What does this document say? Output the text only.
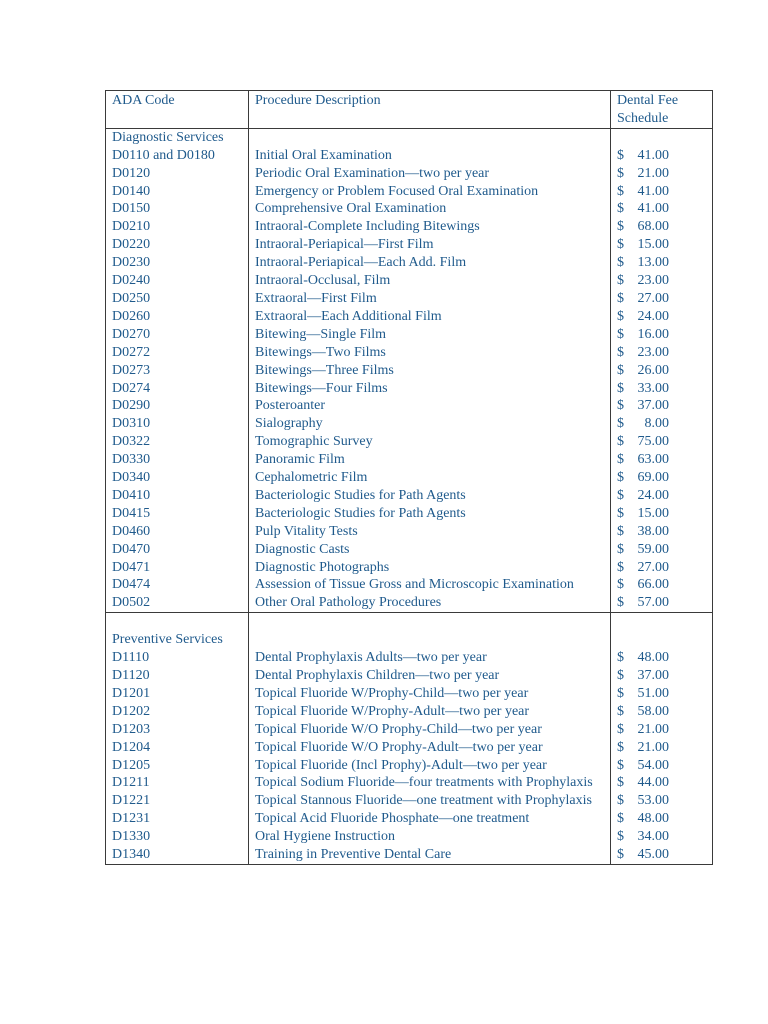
ADA Code	Procedure Description	Dental Fee Schedule
Diagnostic Services		
D0110 and D0180	Initial Oral Examination	$ 41.00
D0120	Periodic Oral Examination—two per year	$ 21.00
D0140	Emergency or Problem Focused Oral Examination	$ 41.00
D0150	Comprehensive Oral Examination	$ 41.00
D0210	Intraoral-Complete Including Bitewings	$ 68.00
D0220	Intraoral-Periapical—First Film	$ 15.00
D0230	Intraoral-Periapical—Each Add. Film	$ 13.00
D0240	Intraoral-Occlusal, Film	$ 23.00
D0250	Extraoral—First Film	$ 27.00
D0260	Extraoral—Each Additional Film	$ 24.00
D0270	Bitewing—Single Film	$ 16.00
D0272	Bitewings—Two Films	$ 23.00
D0273	Bitewings—Three Films	$ 26.00
D0274	Bitewings—Four Films	$ 33.00
D0290	Posteroanter	$ 37.00
D0310	Sialography	$ 8.00
D0322	Tomographic Survey	$ 75.00
D0330	Panoramic Film	$ 63.00
D0340	Cephalometric Film	$ 69.00
D0410	Bacteriologic Studies for Path Agents	$ 24.00
D0415	Bacteriologic Studies for Path Agents	$ 15.00
D0460	Pulp Vitality Tests	$ 38.00
D0470	Diagnostic Casts	$ 59.00
D0471	Diagnostic Photographs	$ 27.00
D0474	Assession of Tissue Gross and Microscopic Examination	$ 66.00
D0502	Other Oral Pathology Procedures	$ 57.00
Preventive Services		
D1110	Dental Prophylaxis Adults—two per year	$ 48.00
D1120	Dental Prophylaxis Children—two per year	$ 37.00
D1201	Topical Fluoride W/Prophy-Child—two per year	$ 51.00
D1202	Topical Fluoride W/Prophy-Adult—two per year	$ 58.00
D1203	Topical Fluoride W/O Prophy-Child—two per year	$ 21.00
D1204	Topical Fluoride W/O Prophy-Adult—two per year	$ 21.00
D1205	Topical Fluoride (Incl Prophy)-Adult—two per year	$ 54.00
D1211	Topical Sodium Fluoride—four treatments with Prophylaxis	$ 44.00
D1221	Topical Stannous Fluoride—one treatment with Prophylaxis	$ 53.00
D1231	Topical Acid Fluoride Phosphate—one treatment	$ 48.00
D1330	Oral Hygiene Instruction	$ 34.00
D1340	Training in Preventive Dental Care	$ 45.00
